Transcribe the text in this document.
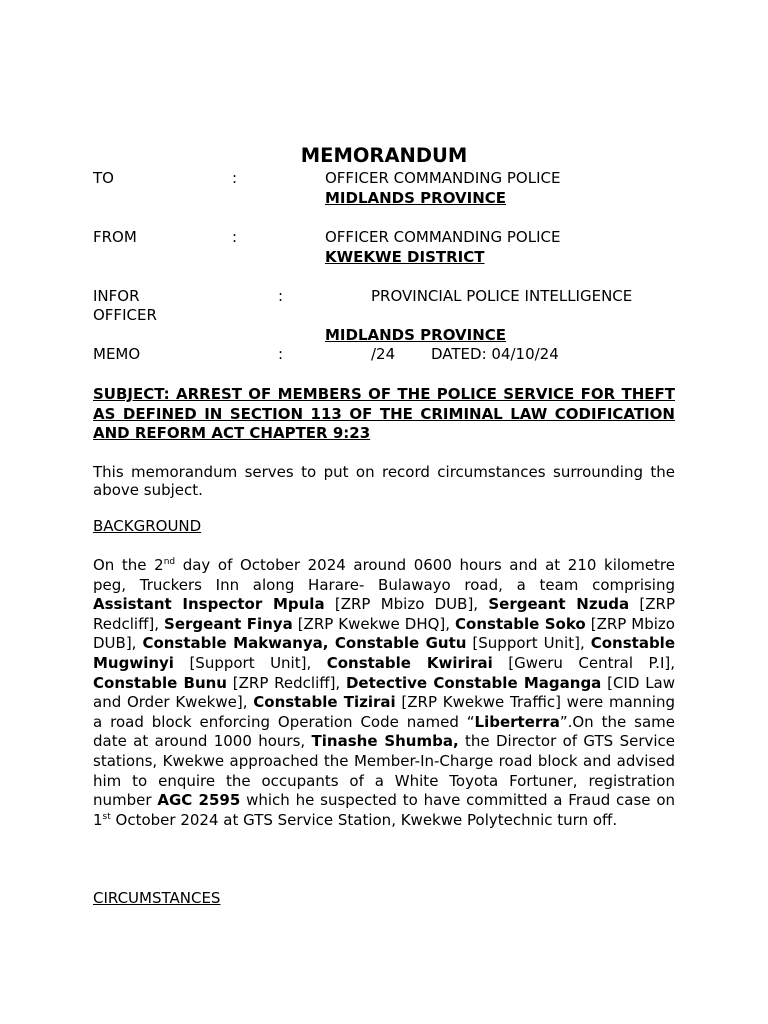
MEMORANDUM
TO	:	OFFICER COMMANDING POLICE
MIDLANDS PROVINCE
FROM	:	OFFICER COMMANDING POLICE
KWEKWE DISTRICT
INFOR	:	PROVINCIAL POLICE INTELLIGENCE
OFFICER
MIDLANDS PROVINCE
MEMO	:	/24 DATED: 04/10/24
SUBJECT: ARREST OF MEMBERS OF THE POLICE SERVICE FOR THEFT AS DEFINED IN SECTION 113 OF THE CRIMINAL LAW CODIFICATION AND REFORM ACT CHAPTER 9:23
This memorandum serves to put on record circumstances surrounding the above subject.
BACKGROUND
On the 2nd day of October 2024 around 0600 hours and at 210 kilometre peg, Truckers Inn along Harare- Bulawayo road, a team comprising Assistant Inspector Mpula [ZRP Mbizo DUB], Sergeant Nzuda [ZRP Redcliff], Sergeant Finya [ZRP Kwekwe DHQ], Constable Soko [ZRP Mbizo DUB], Constable Makwanya, Constable Gutu [Support Unit], Constable Mugwinyi [Support Unit], Constable Kwirirai [Gweru Central P.I], Constable Bunu [ZRP Redcliff], Detective Constable Maganga [CID Law and Order Kwekwe], Constable Tizirai [ZRP Kwekwe Traffic] were manning a road block enforcing Operation Code named “Liberterra”.On the same date at around 1000 hours, Tinashe Shumba, the Director of GTS Service stations, Kwekwe approached the Member-In-Charge road block and advised him to enquire the occupants of a White Toyota Fortuner, registration number AGC 2595 which he suspected to have committed a Fraud case on 1st October 2024 at GTS Service Station, Kwekwe Polytechnic turn off.
CIRCUMSTANCES
